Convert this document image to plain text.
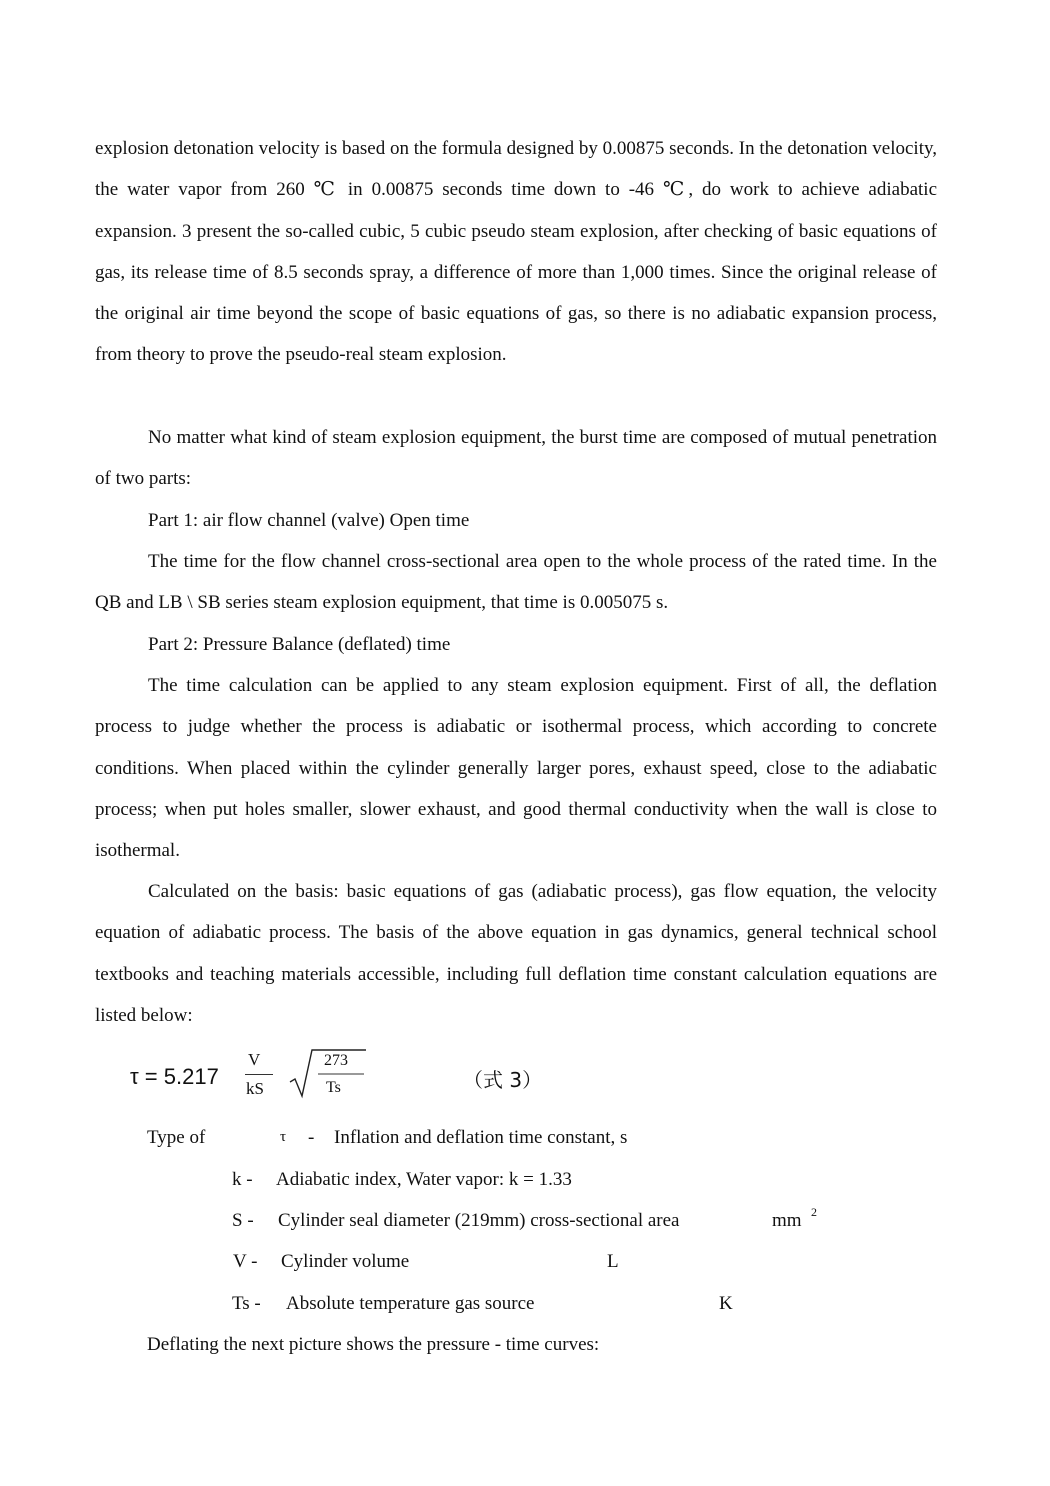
explosion detonation velocity is based on the formula designed by 0.00875 seconds. In the detonation velocity, the water vapor from 260 ℃ in 0.00875 seconds time down to -46 ℃, do work to achieve adiabatic expansion. 3 present the so-called cubic, 5 cubic pseudo steam explosion, after checking of basic equations of gas, its release time of 8.5 seconds spray, a difference of more than 1,000 times. Since the original release of the original air time beyond the scope of basic equations of gas, so there is no adiabatic expansion process, from theory to prove the pseudo-real steam explosion.

No matter what kind of steam explosion equipment, the burst time are composed of mutual penetration of two parts:

Part 1: air flow channel (valve) Open time

The time for the flow channel cross-sectional area open to the whole process of the rated time. In the QB and LB \ SB series steam explosion equipment, that time is 0.005075 s.

Part 2: Pressure Balance (deflated) time

The time calculation can be applied to any steam explosion equipment. First of all, the deflation process to judge whether the process is adiabatic or isothermal process, which according to concrete conditions. When placed within the cylinder generally larger pores, exhaust speed, close to the adiabatic process; when put holes smaller, slower exhaust, and good thermal conductivity when the wall is close to isothermal.

Calculated on the basis: basic equations of gas (adiabatic process), gas flow equation, the velocity equation of adiabatic process. The basis of the above equation in gas dynamics, general technical school textbooks and teaching materials accessible, including full deflation time constant calculation equations are listed below:

τ = 5.217
V
kS
273
Ts	（式 3）
Type of	τ - Inflation and deflation time constant, s
k - Adiabatic index, Water vapor: k = 1.33
S - Cylinder seal diameter (219mm) cross-sectional area	mm 2
V - Cylinder volume	L
Ts - Absolute temperature gas source	K
Deflating the next picture shows the pressure - time curves:
